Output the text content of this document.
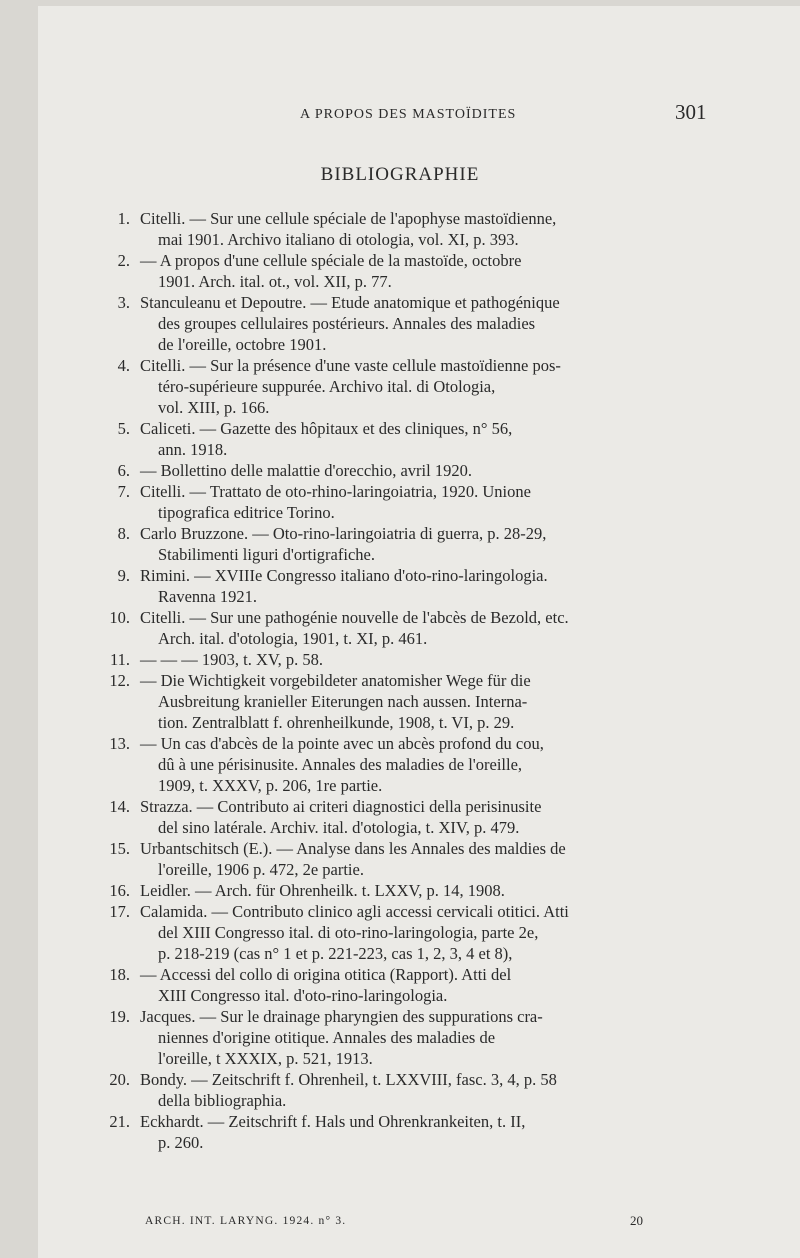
A PROPOS DES MASTOÏDITES	301
BIBLIOGRAPHIE
1. Citelli. — Sur une cellule spéciale de l'apophyse mastoïdienne,
mai 1901. Archivo italiano di otologia, vol. XI, p. 393.
2. — A propos d'une cellule spéciale de la mastoïde, octobre
1901. Arch. ital. ot., vol. XII, p. 77.
3. Stanculeanu et Depoutre. — Etude anatomique et pathogénique
des groupes cellulaires postérieurs. Annales des maladies
de l'oreille, octobre 1901.
4. Citelli. — Sur la présence d'une vaste cellule mastoïdienne pos-
téro-supérieure suppurée. Archivo ital. di Otologia,
vol. XIII, p. 166.
5. Caliceti. — Gazette des hôpitaux et des cliniques, n° 56,
ann. 1918.
6. — Bollettino delle malattie d'orecchio, avril 1920.
7. Citelli. — Trattato de oto-rhino-laringoiatria, 1920. Unione
tipografica editrice Torino.
8. Carlo Bruzzone. — Oto-rino-laringoiatria di guerra, p. 28-29,
Stabilimenti liguri d'ortigrafiche.
9. Rimini. — XVIIIe Congresso italiano d'oto-rino-laringologia.
Ravenna 1921.
10. Citelli. — Sur une pathogénie nouvelle de l'abcès de Bezold, etc.
Arch. ital. d'otologia, 1901, t. XI, p. 461.
11. — — — 1903, t. XV, p. 58.
12. — Die Wichtigkeit vorgebildeter anatomisher Wege für die
Ausbreitung kranieller Eiterungen nach aussen. Interna-
tion. Zentralblatt f. ohrenheilkunde, 1908, t. VI, p. 29.
13. — Un cas d'abcès de la pointe avec un abcès profond du cou,
dû à une périsinusite. Annales des maladies de l'oreille,
1909, t. XXXV, p. 206, 1re partie.
14. Strazza. — Contributo ai criteri diagnostici della perisinusite
del sino latérale. Archiv. ital. d'otologia, t. XIV, p. 479.
15. Urbantschitsch (E.). — Analyse dans les Annales des maldies de
l'oreille, 1906 p. 472, 2e partie.
16. Leidler. — Arch. für Ohrenheilk. t. LXXV, p. 14, 1908.
17. Calamida. — Contributo clinico agli accessi cervicali otitici. Atti
del XIII Congresso ital. di oto-rino-laringologia, parte 2e,
p. 218-219 (cas n° 1 et p. 221-223, cas 1, 2, 3, 4 et 8),
18. — Accessi del collo di origina otitica (Rapport). Atti del
XIII Congresso ital. d'oto-rino-laringologia.
19. Jacques. — Sur le drainage pharyngien des suppurations cra-
niennes d'origine otitique. Annales des maladies de
l'oreille, t XXXIX, p. 521, 1913.
20. Bondy. — Zeitschrift f. Ohrenheil, t. LXXVIII, fasc. 3, 4, p. 58
della bibliographia.
21. Eckhardt. — Zeitschrift f. Hals und Ohrenkrankeiten, t. II,
p. 260.
ARCH. INT. LARYNG. 1924. n° 3.	20
